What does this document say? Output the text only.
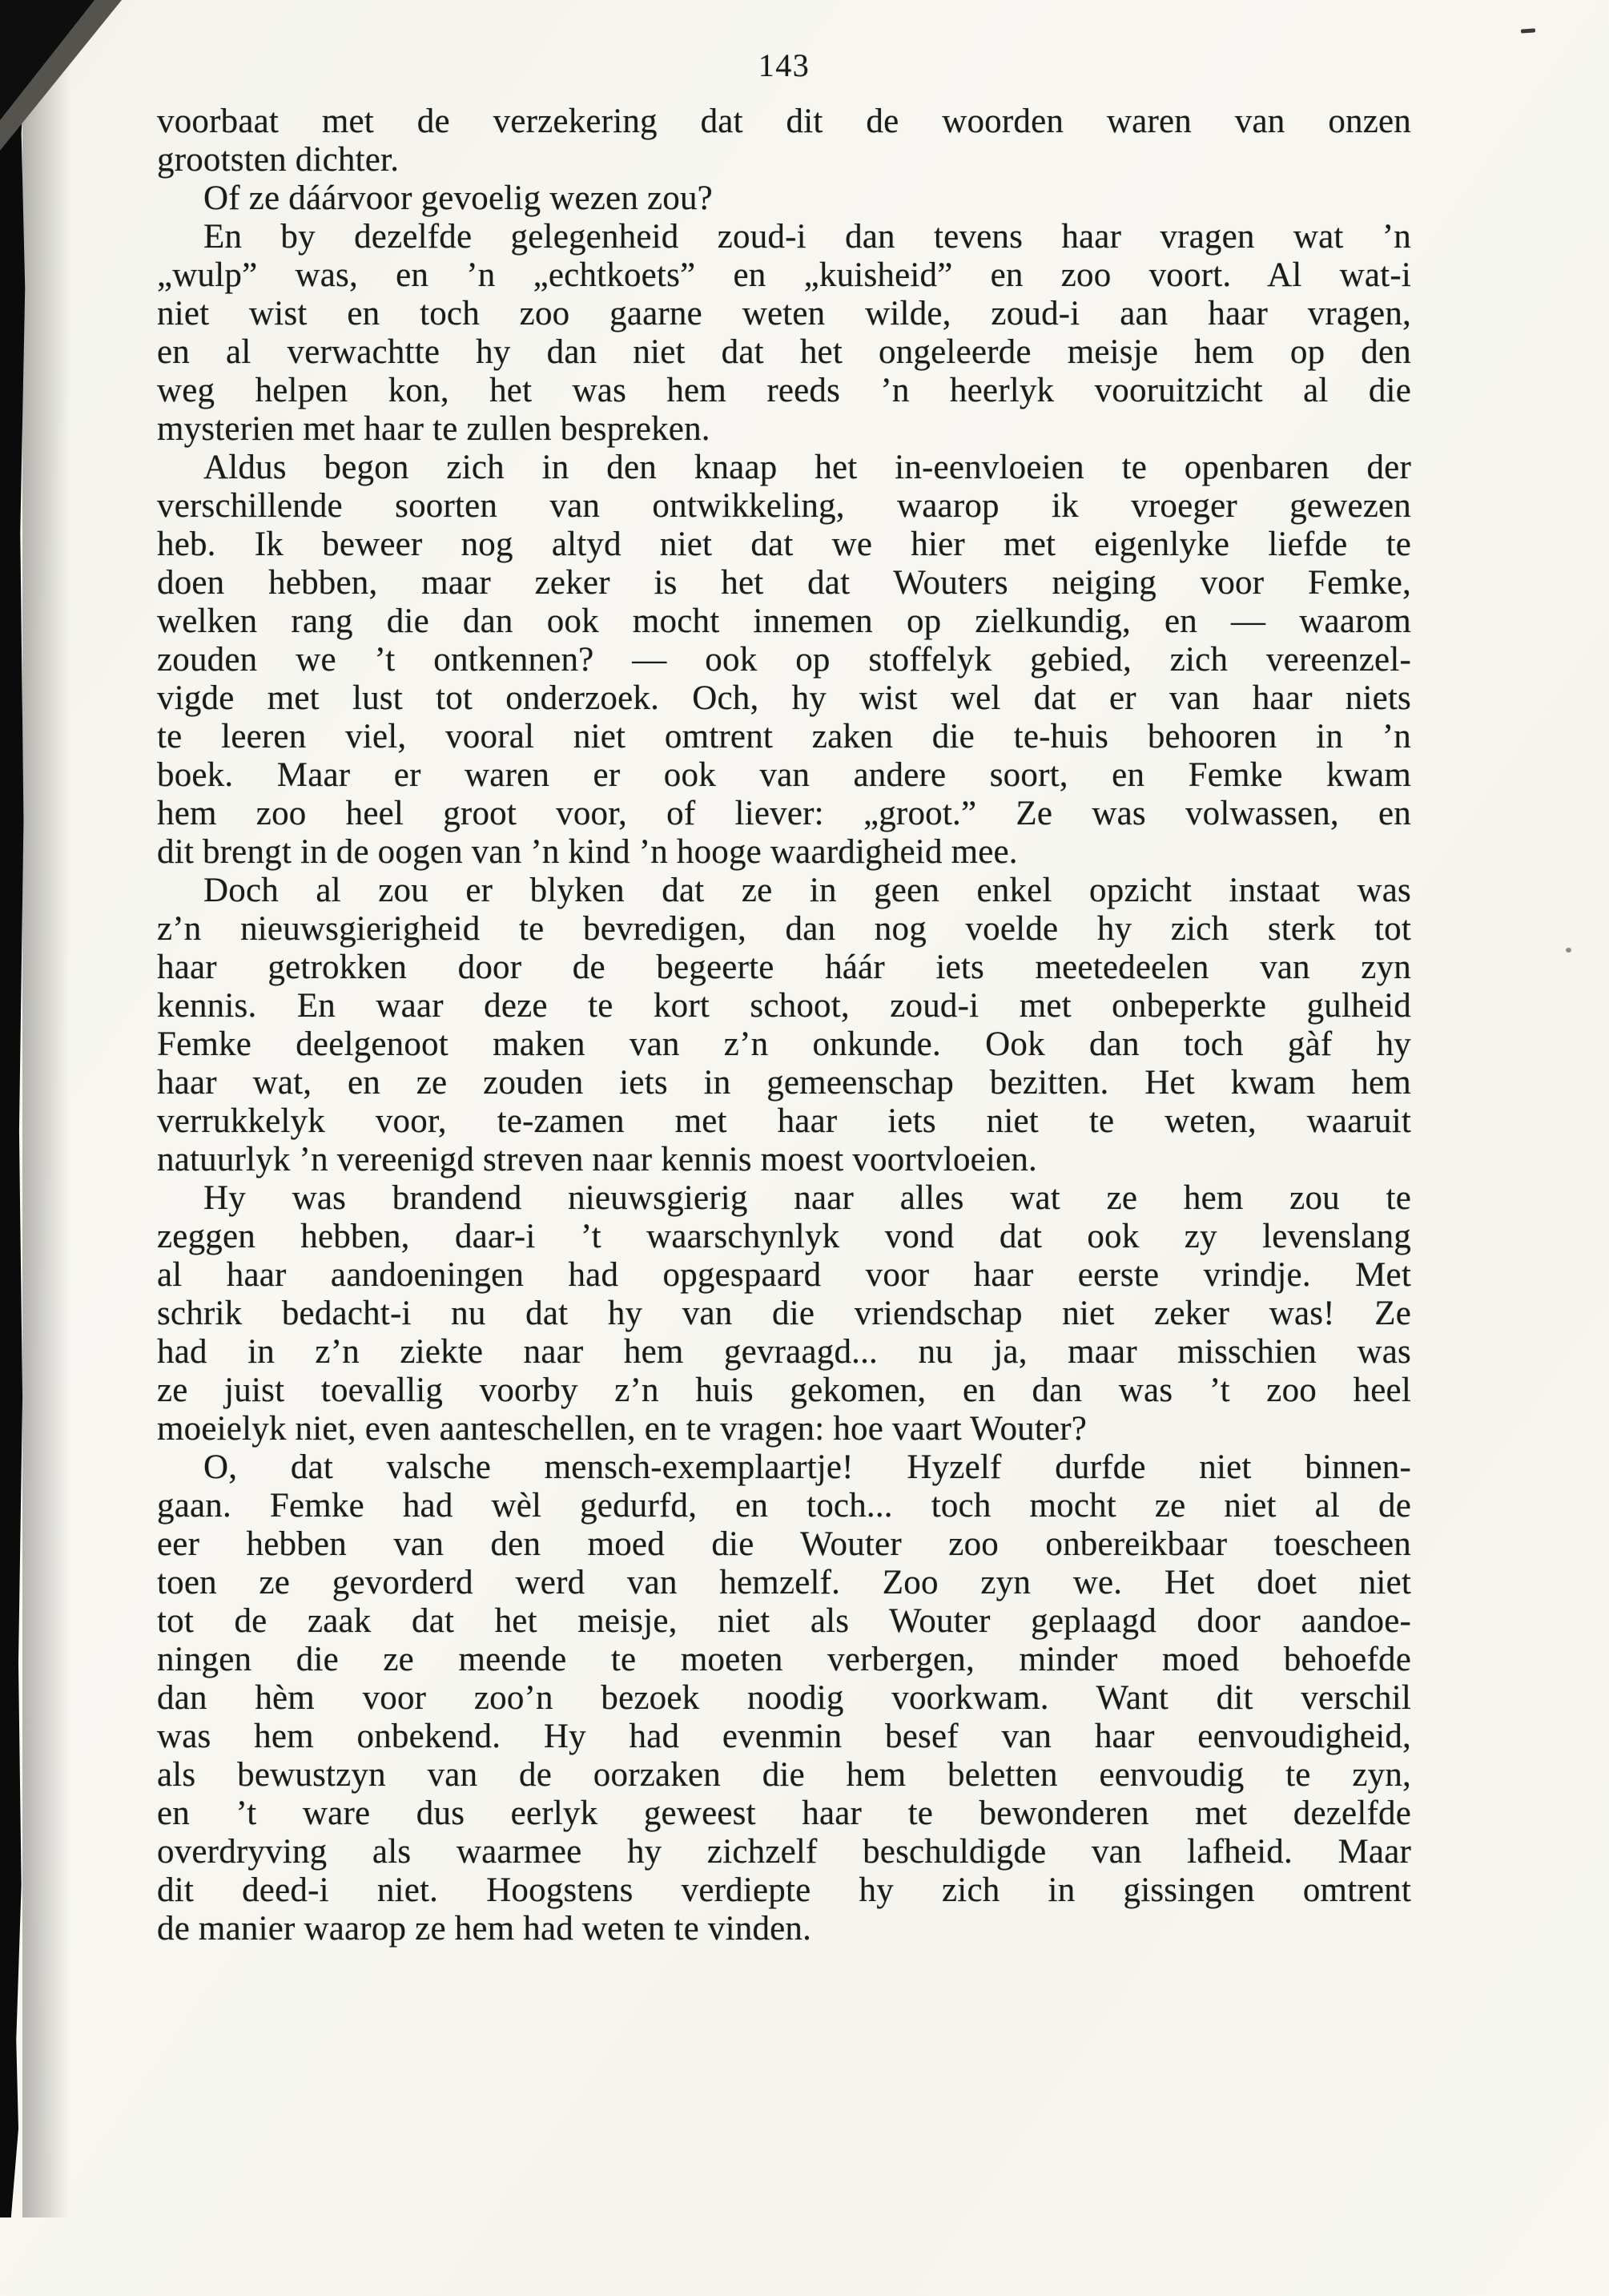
143
voorbaat met de verzekering dat dit de woorden waren van onzen
grootsten dichter.
Of ze dáárvoor gevoelig wezen zou?
En by dezelfde gelegenheid zoud-i dan tevens haar vragen wat ’n
„wulp” was, en ’n „echtkoets” en „kuisheid” en zoo voort. Al wat-i
niet wist en toch zoo gaarne weten wilde, zoud-i aan haar vragen,
en al verwachtte hy dan niet dat het ongeleerde meisje hem op den
weg helpen kon, het was hem reeds ’n heerlyk vooruitzicht al die
mysterien met haar te zullen bespreken.
Aldus begon zich in den knaap het in-eenvloeien te openbaren der
verschillende soorten van ontwikkeling, waarop ik vroeger gewezen
heb. Ik beweer nog altyd niet dat we hier met eigenlyke liefde te
doen hebben, maar zeker is het dat Wouters neiging voor Femke,
welken rang die dan ook mocht innemen op zielkundig, en — waarom
zouden we ’t ontkennen? — ook op stoffelyk gebied, zich vereenzel-
vigde met lust tot onderzoek. Och, hy wist wel dat er van haar niets
te leeren viel, vooral niet omtrent zaken die te-huis behooren in ’n
boek. Maar er waren er ook van andere soort, en Femke kwam
hem zoo heel groot voor, of liever: „groot.” Ze was volwassen, en
dit brengt in de oogen van ’n kind ’n hooge waardigheid mee.
Doch al zou er blyken dat ze in geen enkel opzicht instaat was
z’n nieuwsgierigheid te bevredigen, dan nog voelde hy zich sterk tot
haar getrokken door de begeerte háár iets meetedeelen van zyn
kennis. En waar deze te kort schoot, zoud-i met onbeperkte gulheid
Femke deelgenoot maken van z’n onkunde. Ook dan toch gàf hy
haar wat, en ze zouden iets in gemeenschap bezitten. Het kwam hem
verrukkelyk voor, te-zamen met haar iets niet te weten, waaruit
natuurlyk ’n vereenigd streven naar kennis moest voortvloeien.
Hy was brandend nieuwsgierig naar alles wat ze hem zou te
zeggen hebben, daar-i ’t waarschynlyk vond dat ook zy levenslang
al haar aandoeningen had opgespaard voor haar eerste vrindje. Met
schrik bedacht-i nu dat hy van die vriendschap niet zeker was! Ze
had in z’n ziekte naar hem gevraagd... nu ja, maar misschien was
ze juist toevallig voorby z’n huis gekomen, en dan was ’t zoo heel
moeielyk niet, even aanteschellen, en te vragen: hoe vaart Wouter?
O, dat valsche mensch-exemplaartje! Hyzelf durfde niet binnen-
gaan. Femke had wèl gedurfd, en toch... toch mocht ze niet al de
eer hebben van den moed die Wouter zoo onbereikbaar toescheen
toen ze gevorderd werd van hemzelf. Zoo zyn we. Het doet niet
tot de zaak dat het meisje, niet als Wouter geplaagd door aandoe-
ningen die ze meende te moeten verbergen, minder moed behoefde
dan hèm voor zoo’n bezoek noodig voorkwam. Want dit verschil
was hem onbekend. Hy had evenmin besef van haar eenvoudigheid,
als bewustzyn van de oorzaken die hem beletten eenvoudig te zyn,
en ’t ware dus eerlyk geweest haar te bewonderen met dezelfde
overdryving als waarmee hy zichzelf beschuldigde van lafheid. Maar
dit deed-i niet. Hoogstens verdiepte hy zich in gissingen omtrent
de manier waarop ze hem had weten te vinden.
